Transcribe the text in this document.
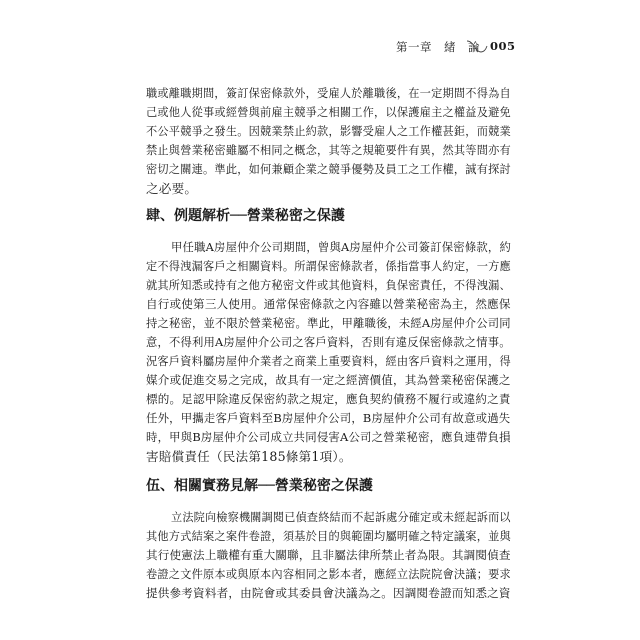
第一章　緒　論 005
職或離職期間，簽訂保密條款外，受雇人於離職後，在一定期間不得為自
己或他人從事或經營與前雇主競爭之相關工作，以保護雇主之權益及避免
不公平競爭之發生。因競業禁止約款，影響受雇人之工作權甚鉅，而競業
禁止與營業秘密雖屬不相同之概念，其等之規範要件有異，然其等間亦有
密切之關連。準此，如何兼顧企業之競爭優勢及員工之工作權，誠有探討
之必要。
肆、例題解析──營業秘密之保護
甲任職A房屋仲介公司期間，曾與A房屋仲介公司簽訂保密條款，約
定不得洩漏客戶之相關資料。所謂保密條款者，係指當事人約定，一方應
就其所知悉或持有之他方秘密文件或其他資料，負保密責任，不得洩漏、
自行或使第三人使用。通常保密條款之內容雖以營業秘密為主，然應保
持之秘密，並不限於營業秘密。準此，甲離職後，未經A房屋仲介公司同
意，不得利用A房屋仲介公司之客戶資料，否則有違反保密條款之情事。
況客戶資料屬房屋仲介業者之商業上重要資料，經由客戶資料之運用，得
媒介或促進交易之完成，故具有一定之經濟價值，其為營業秘密保護之
標的。足認甲除違反保密約款之規定，應負契約債務不履行或違約之責
任外，甲攜走客戶資料至B房屋仲介公司，B房屋仲介公司有故意或過失
時，甲與B房屋仲介公司成立共同侵害A公司之營業秘密，應負連帶負損
害賠償責任（民法第185條第1項）。
伍、相關實務見解──營業秘密之保護
立法院向檢察機關調閱已偵查終結而不起訴處分確定或未經起訴而以
其他方式結案之案件卷證，須基於目的與範圍均屬明確之特定議案，並與
其行使憲法上職權有重大關聯，且非屬法律所禁止者為限。其調閱偵查
卷證之文件原本或與原本內容相同之影本者，應經立法院院會決議；要求
提供參考資料者，由院會或其委員會決議為之。因調閱卷證而知悉之資
